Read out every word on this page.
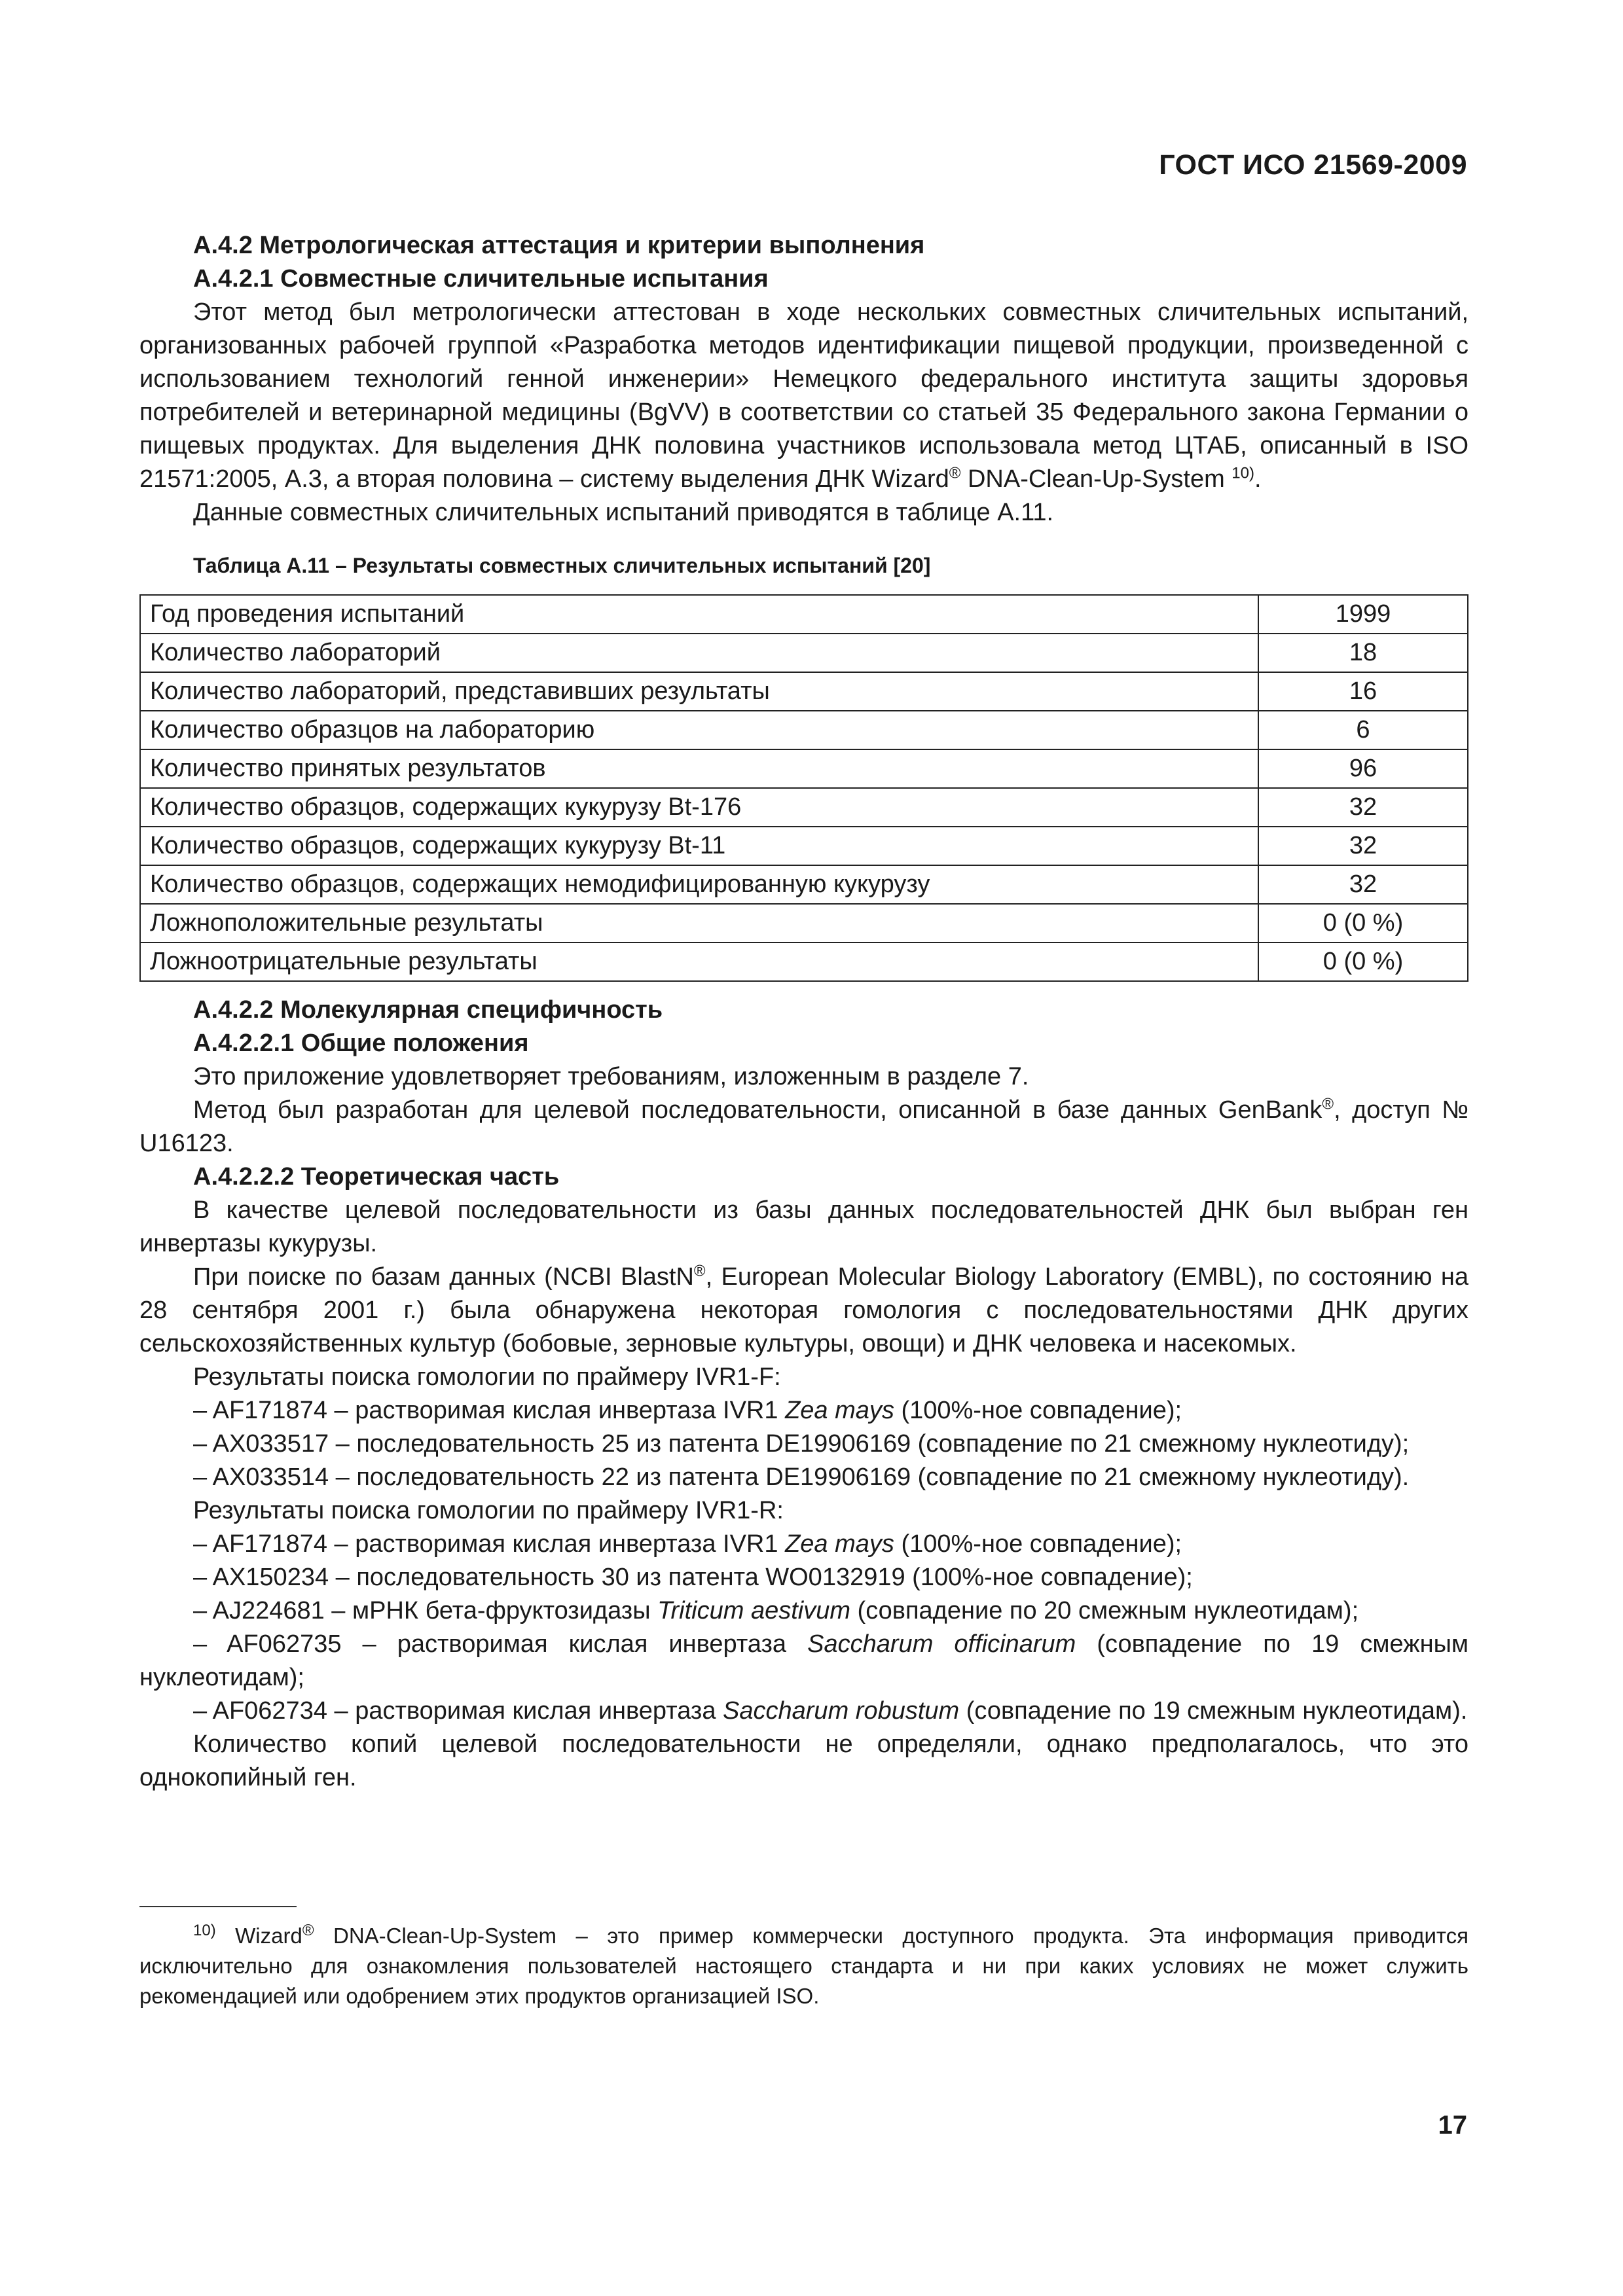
ГОСТ ИСО 21569-2009
А.4.2 Метрологическая аттестация и критерии выполнения
А.4.2.1 Совместные сличительные испытания
Этот метод был метрологически аттестован в ходе нескольких совместных сличительных испытаний, организованных рабочей группой «Разработка методов идентификации пищевой продукции, произведенной с использованием технологий генной инженерии» Немецкого федерального института защиты здоровья потребителей и ветеринарной медицины (BgVV) в соответствии со статьей 35 Федерального закона Германии о пищевых продуктах. Для выделения ДНК половина участников использовала метод ЦТАБ, описанный в ISO 21571:2005, А.3, а вторая половина – систему выделения ДНК Wizard® DNA-Clean-Up-System $^{10)}$.
Данные совместных сличительных испытаний приводятся в таблице А.11.
Таблица А.11 – Результаты совместных сличительных испытаний [20]
Год проведения испытаний	1999
Количество лабораторий	18
Количество лабораторий, представивших результаты	16
Количество образцов на лабораторию	6
Количество принятых результатов	96
Количество образцов, содержащих кукурузу Bt-176	32
Количество образцов, содержащих кукурузу Bt-11	32
Количество образцов, содержащих немодифицированную кукурузу	32
Ложноположительные результаты	0 (0 %)
Ложноотрицательные результаты	0 (0 %)
А.4.2.2 Молекулярная специфичность
А.4.2.2.1 Общие положения
Это приложение удовлетворяет требованиям, изложенным в разделе 7.
Метод был разработан для целевой последовательности, описанной в базе данных GenBank®, доступ № U16123.
А.4.2.2.2 Теоретическая часть
В качестве целевой последовательности из базы данных последовательностей ДНК был выбран ген инвертазы кукурузы.
При поиске по базам данных (NCBI BlastN®, European Molecular Biology Laboratory (EMBL), по состоянию на 28 сентября 2001 г.) была обнаружена некоторая гомология с последовательностями ДНК других сельскохозяйственных культур (бобовые, зерновые культуры, овощи) и ДНК человека и насекомых.
Результаты поиска гомологии по праймеру IVR1-F:
– AF171874 – растворимая кислая инвертаза IVR1 Zea mays (100%-ное совпадение);
– AX033517 – последовательность 25 из патента DE19906169 (совпадение по 21 смежному нуклеотиду);
– AX033514 – последовательность 22 из патента DE19906169 (совпадение по 21 смежному нуклеотиду).
Результаты поиска гомологии по праймеру IVR1-R:
– AF171874 – растворимая кислая инвертаза IVR1 Zea mays (100%-ное совпадение);
– AX150234 – последовательность 30 из патента WO0132919 (100%-ное совпадение);
– AJ224681 – мРНК бета-фруктозидазы Triticum aestivum (совпадение по 20 смежным нуклеотидам);
– AF062735 – растворимая кислая инвертаза Saccharum officinarum (совпадение по 19 смежным нуклеотидам);
– AF062734 – растворимая кислая инвертаза Saccharum robustum (совпадение по 19 смежным нуклеотидам).
Количество копий целевой последовательности не определяли, однако предполагалось, что это однокопийный ген.
$^{10)}$ Wizard® DNA-Clean-Up-System – это пример коммерчески доступного продукта. Эта информация приводится исключительно для ознакомления пользователей настоящего стандарта и ни при каких условиях не может служить рекомендацией или одобрением этих продуктов организацией ISO.
17
